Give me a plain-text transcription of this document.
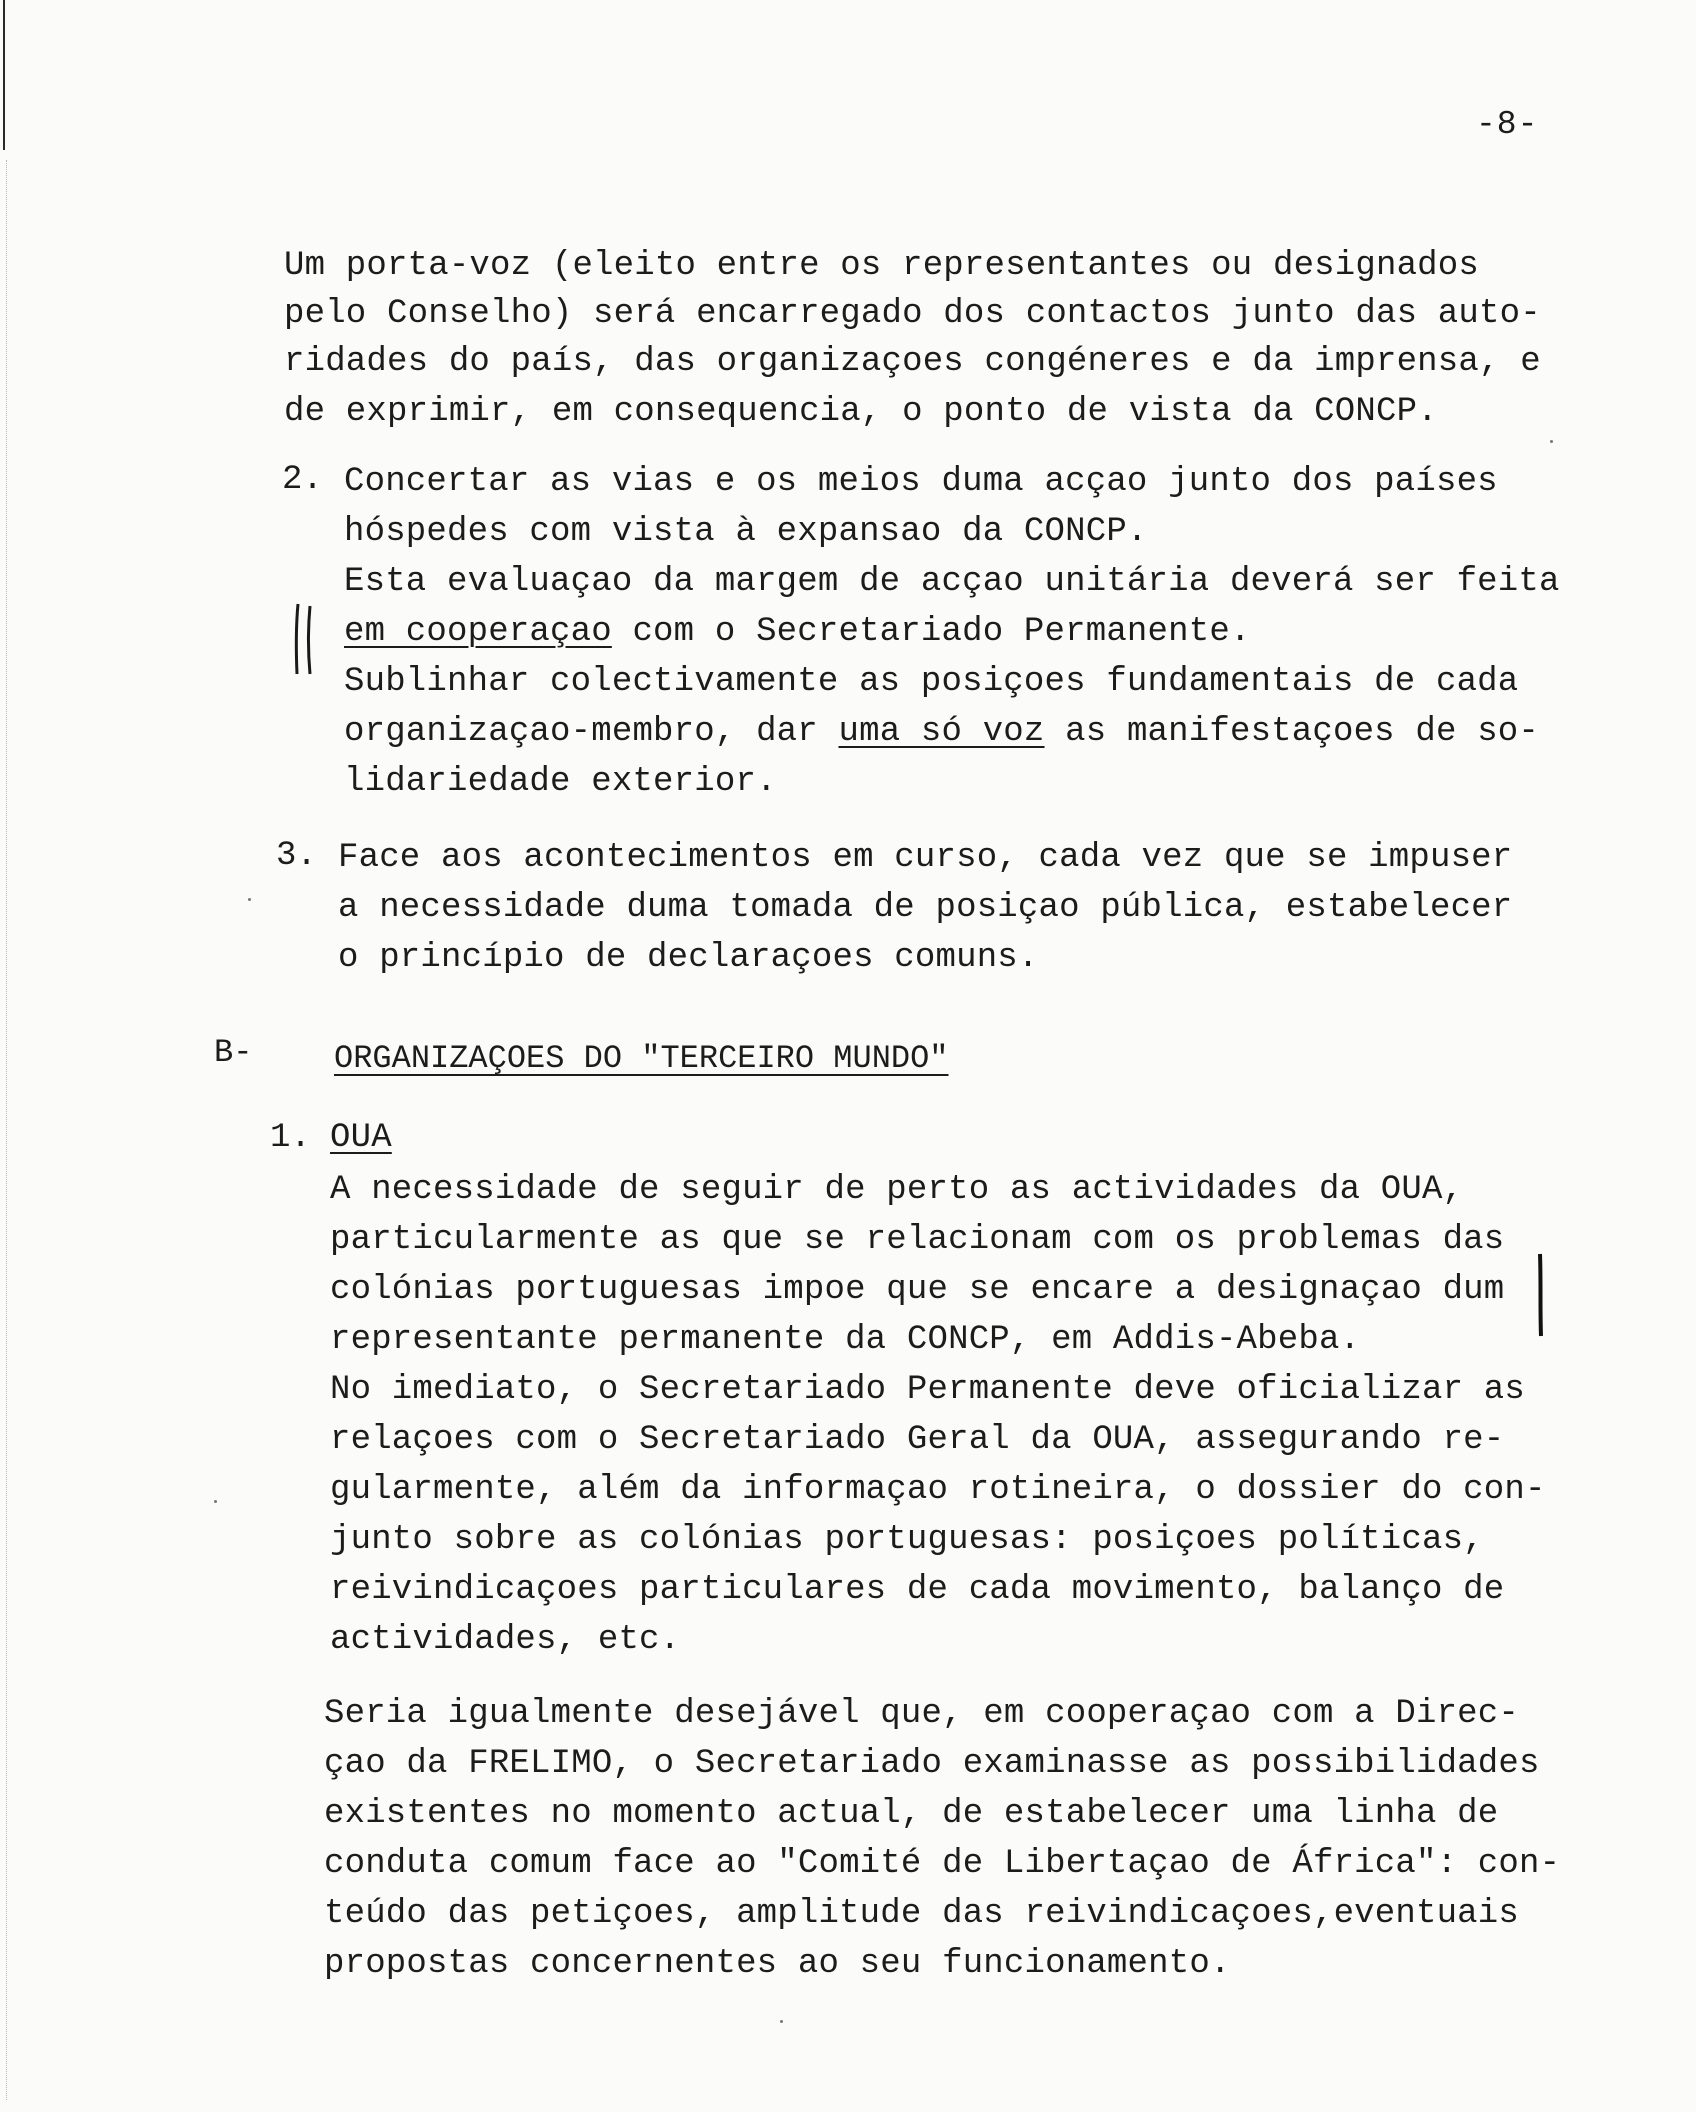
-8-
Um porta-voz (eleito entre os representantes ou designados
pelo Conselho) será encarregado dos contactos junto das auto-
ridades do país, das organizaçoes congéneres e da imprensa, e
de exprimir, em consequencia, o ponto de vista da CONCP.
2. Concertar as vias e os meios duma acçao junto dos países
hóspedes com vista à expansao da CONCP.
Esta evaluaçao da margem de acçao unitária deverá ser feita
em cooperaçao com o Secretariado Permanente.
Sublinhar colectivamente as posiçoes fundamentais de cada
organizaçao-membro, dar uma só voz as manifestaçoes de so-
lidariedade exterior.
3. Face aos acontecimentos em curso, cada vez que se impuser
a necessidade duma tomada de posiçao pública, estabelecer
o princípio de declaraçoes comuns.
B-	ORGANIZAÇOES DO "TERCEIRO MUNDO"
1. OUA
A necessidade de seguir de perto as actividades da OUA,
particularmente as que se relacionam com os problemas das
colónias portuguesas impoe que se encare a designaçao dum
representante permanente da CONCP, em Addis-Abeba.
No imediato, o Secretariado Permanente deve oficializar as
relaçoes com o Secretariado Geral da OUA, assegurando re-
gularmente, além da informaçao rotineira, o dossier do con-
junto sobre as colónias portuguesas: posiçoes políticas,
reivindicaçoes particulares de cada movimento, balanço de
actividades, etc.
Seria igualmente desejável que, em cooperaçao com a Direc-
çao da FRELIMO, o Secretariado examinasse as possibilidades
existentes no momento actual, de estabelecer uma linha de
conduta comum face ao "Comité de Libertaçao de África": con-
teúdo das petiçoes, amplitude das reivindicaçoes,eventuais
propostas concernentes ao seu funcionamento.
